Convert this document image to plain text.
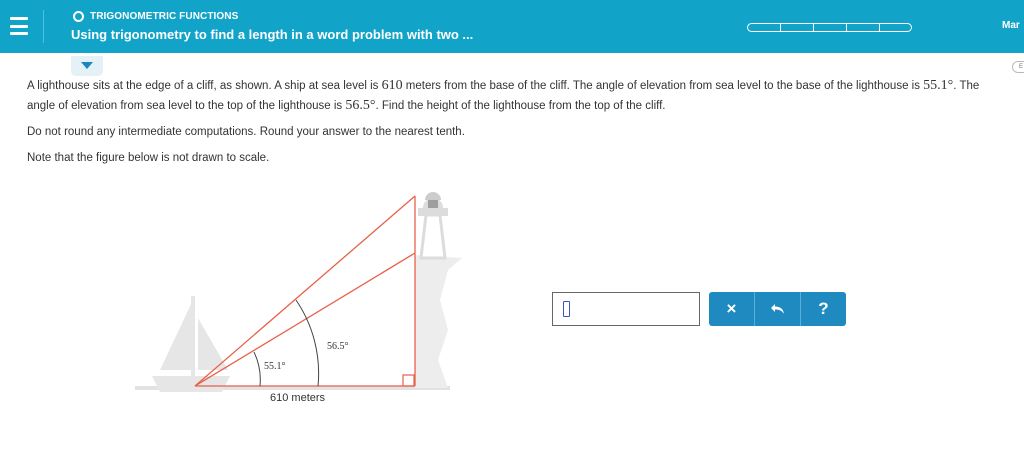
TRIGONOMETRIC FUNCTIONS
Using trigonometry to find a length in a word problem with two ...
Mar
E
A lighthouse sits at the edge of a cliff, as shown. A ship at sea level is 610 meters from the base of the cliff. The angle of elevation from sea level to the base of the lighthouse is 55.1°. The angle of elevation from sea level to the top of the lighthouse is 56.5°. Find the height of the lighthouse from the top of the cliff.
Do not round any intermediate computations. Round your answer to the nearest tenth.
Note that the figure below is not drawn to scale.
56.5°
55.1°
610 meters
×	?
